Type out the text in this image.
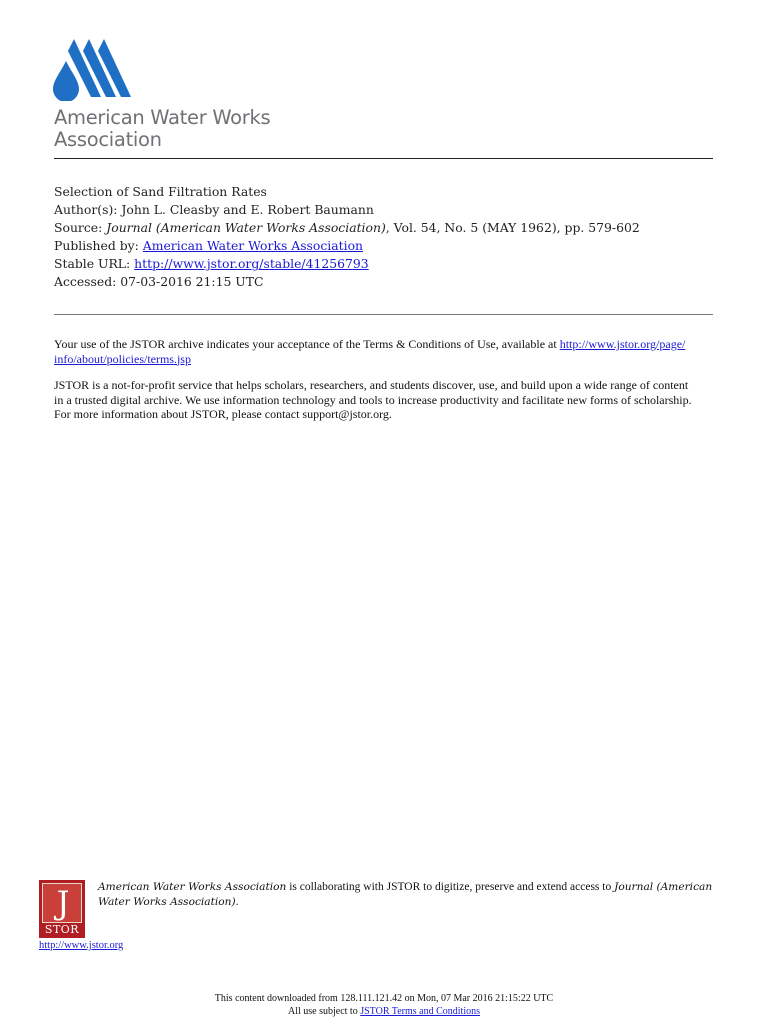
American Water Works
Association
Selection of Sand Filtration Rates
Author(s): John L. Cleasby and E. Robert Baumann
Source: Journal (American Water Works Association), Vol. 54, No. 5 (MAY 1962), pp. 579-602
Published by: American Water Works Association
Stable URL: http://www.jstor.org/stable/41256793
Accessed: 07-03-2016 21:15 UTC
Your use of the JSTOR archive indicates your acceptance of the Terms & Conditions of Use, available at http://www.jstor.org/page/
info/about/policies/terms.jsp
JSTOR is a not-for-profit service that helps scholars, researchers, and students discover, use, and build upon a wide range of content
in a trusted digital archive. We use information technology and tools to increase productivity and facilitate new forms of scholarship.
For more information about JSTOR, please contact support@jstor.org.
J
STOR
http://www.jstor.org
American Water Works Association is collaborating with JSTOR to digitize, preserve and extend access to Journal (American Water Works Association).
This content downloaded from 128.111.121.42 on Mon, 07 Mar 2016 21:15:22 UTC
All use subject to JSTOR Terms and Conditions
